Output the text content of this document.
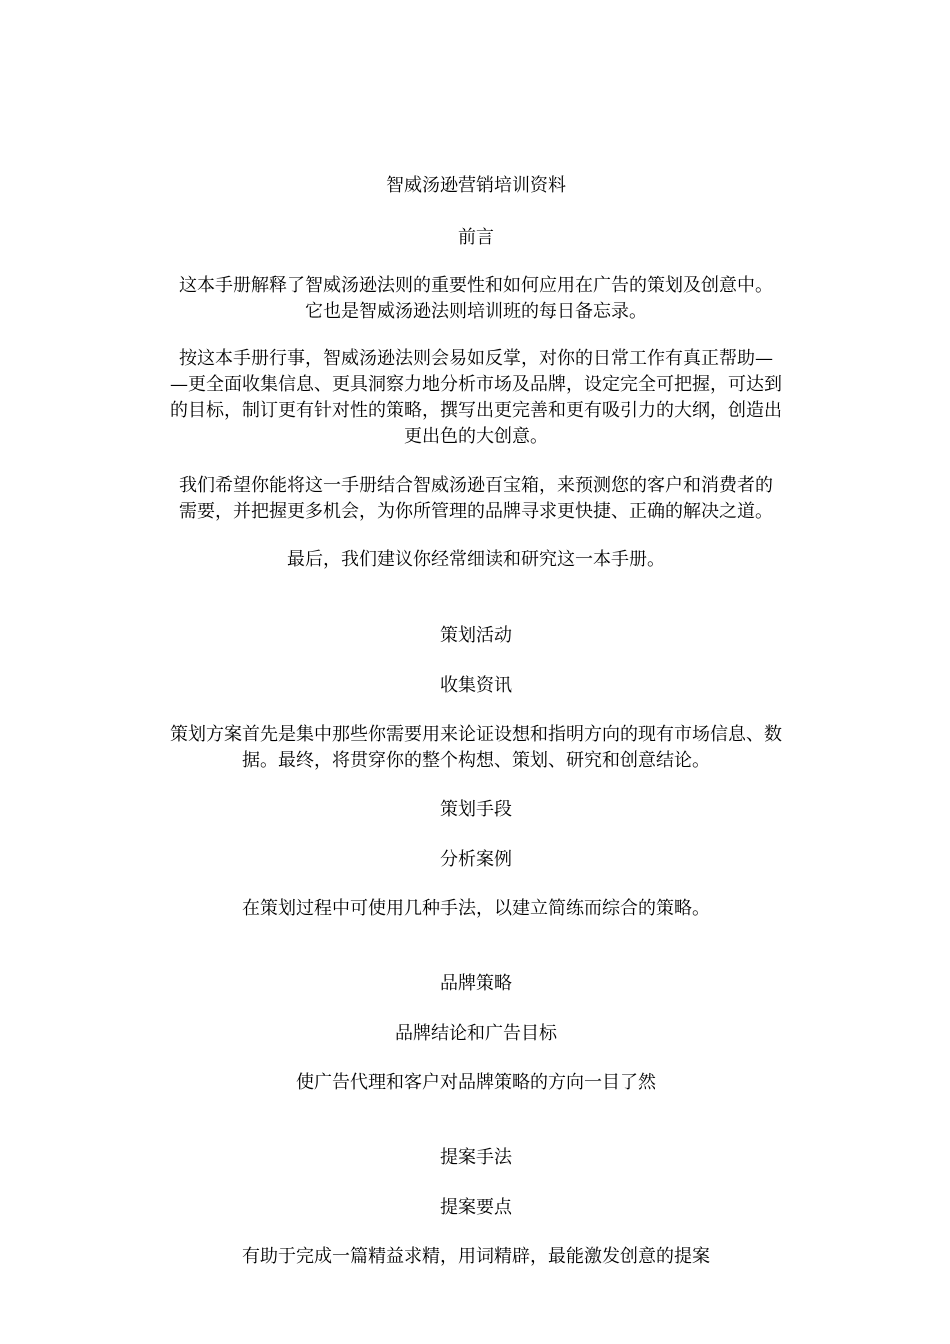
智威汤逊营销培训资料

前言

这本手册解释了智威汤逊法则的重要性和如何应用在广告的策划及创意中。

它也是智威汤逊法则培训班的每日备忘录。

按这本手册行事，智威汤逊法则会易如反掌，对你的日常工作有真正帮助—

—更全面收集信息、更具洞察力地分析市场及品牌，设定完全可把握，可达到

的目标，制订更有针对性的策略，撰写出更完善和更有吸引力的大纲，创造出

更出色的大创意。

我们希望你能将这一手册结合智威汤逊百宝箱，来预测您的客户和消费者的

需要，并把握更多机会，为你所管理的品牌寻求更快捷、正确的解决之道。

最后，我们建议你经常细读和研究这一本手册。

策划活动

收集资讯

策划方案首先是集中那些你需要用来论证设想和指明方向的现有市场信息、数

据。最终，将贯穿你的整个构想、策划、研究和创意结论。

策划手段

分析案例

在策划过程中可使用几种手法，以建立简练而综合的策略。

品牌策略

品牌结论和广告目标

使广告代理和客户对品牌策略的方向一目了然

提案手法

提案要点

有助于完成一篇精益求精，用词精辟，最能激发创意的提案
